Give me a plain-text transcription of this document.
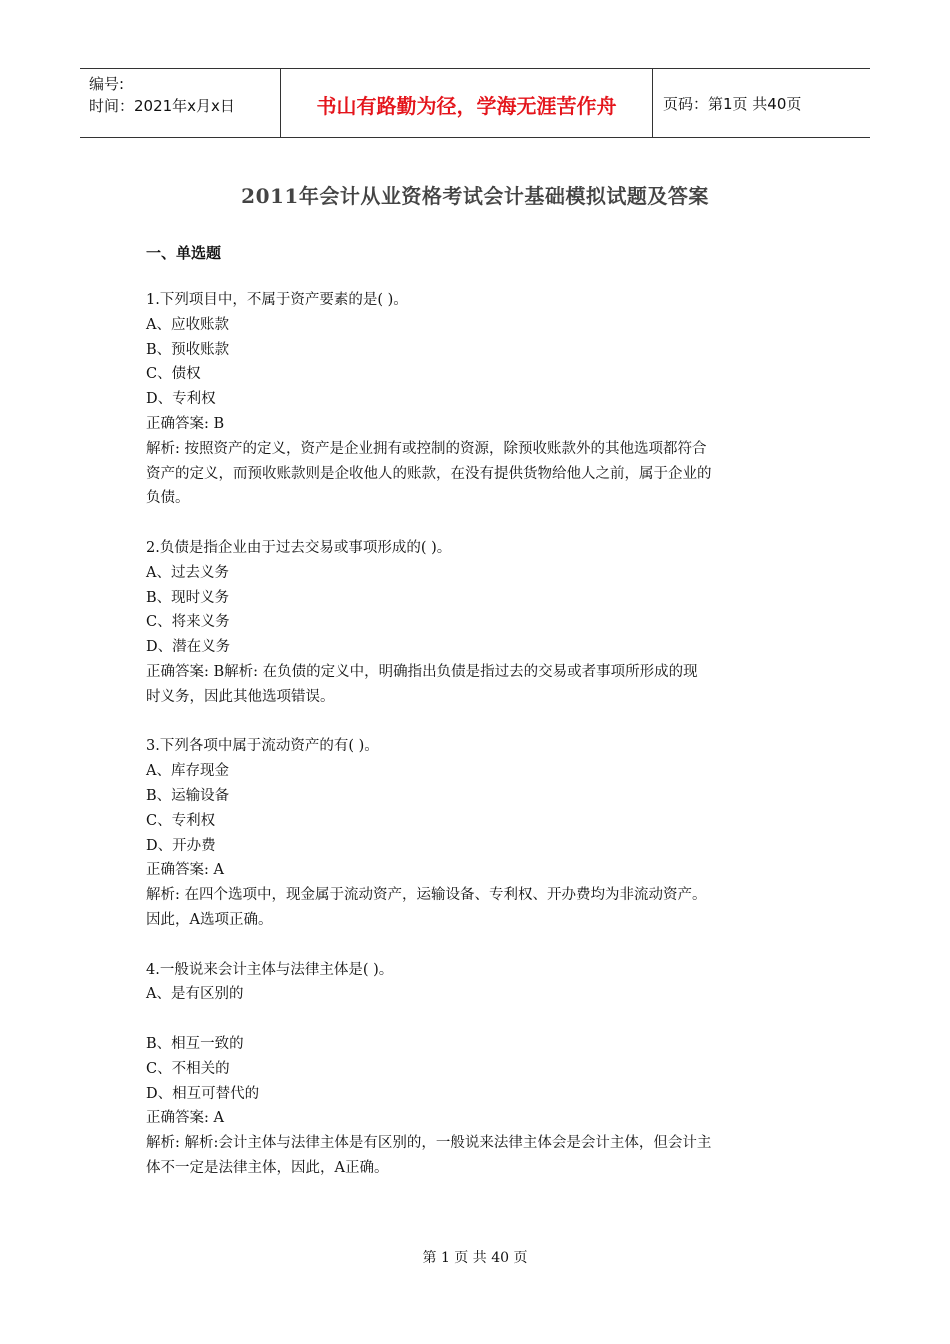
编号:
时间：2021年x月x日	书山有路勤为径，学海无涯苦作舟	页码：第1页 共40页
2011年会计从业资格考试会计基础模拟试题及答案
一、单选题

1.下列项目中，不属于资产要素的是( )。

A、应收账款

B、预收账款

C、债权

D、专利权

正确答案: B

解析: 按照资产的定义，资产是企业拥有或控制的资源，除预收账款外的其他选项都符合

资产的定义，而预收账款则是企收他人的账款，在没有提供货物给他人之前，属于企业的

负债。

2.负债是指企业由于过去交易或事项形成的( )。

A、过去义务

B、现时义务

C、将来义务

D、潜在义务

正确答案: B解析: 在负债的定义中，明确指出负债是指过去的交易或者事项所形成的现

时义务，因此其他选项错误。

3.下列各项中属于流动资产的有( )。

A、库存现金

B、运输设备

C、专利权

D、开办费

正确答案: A

解析: 在四个选项中，现金属于流动资产，运输设备、专利权、开办费均为非流动资产。

因此，A选项正确。

4.一般说来会计主体与法律主体是( )。

A、是有区别的

B、相互一致的

C、不相关的

D、相互可替代的

正确答案: A

解析: 解析:会计主体与法律主体是有区别的，一般说来法律主体会是会计主体，但会计主

体不一定是法律主体，因此，A正确。

第 1 页 共 40 页
